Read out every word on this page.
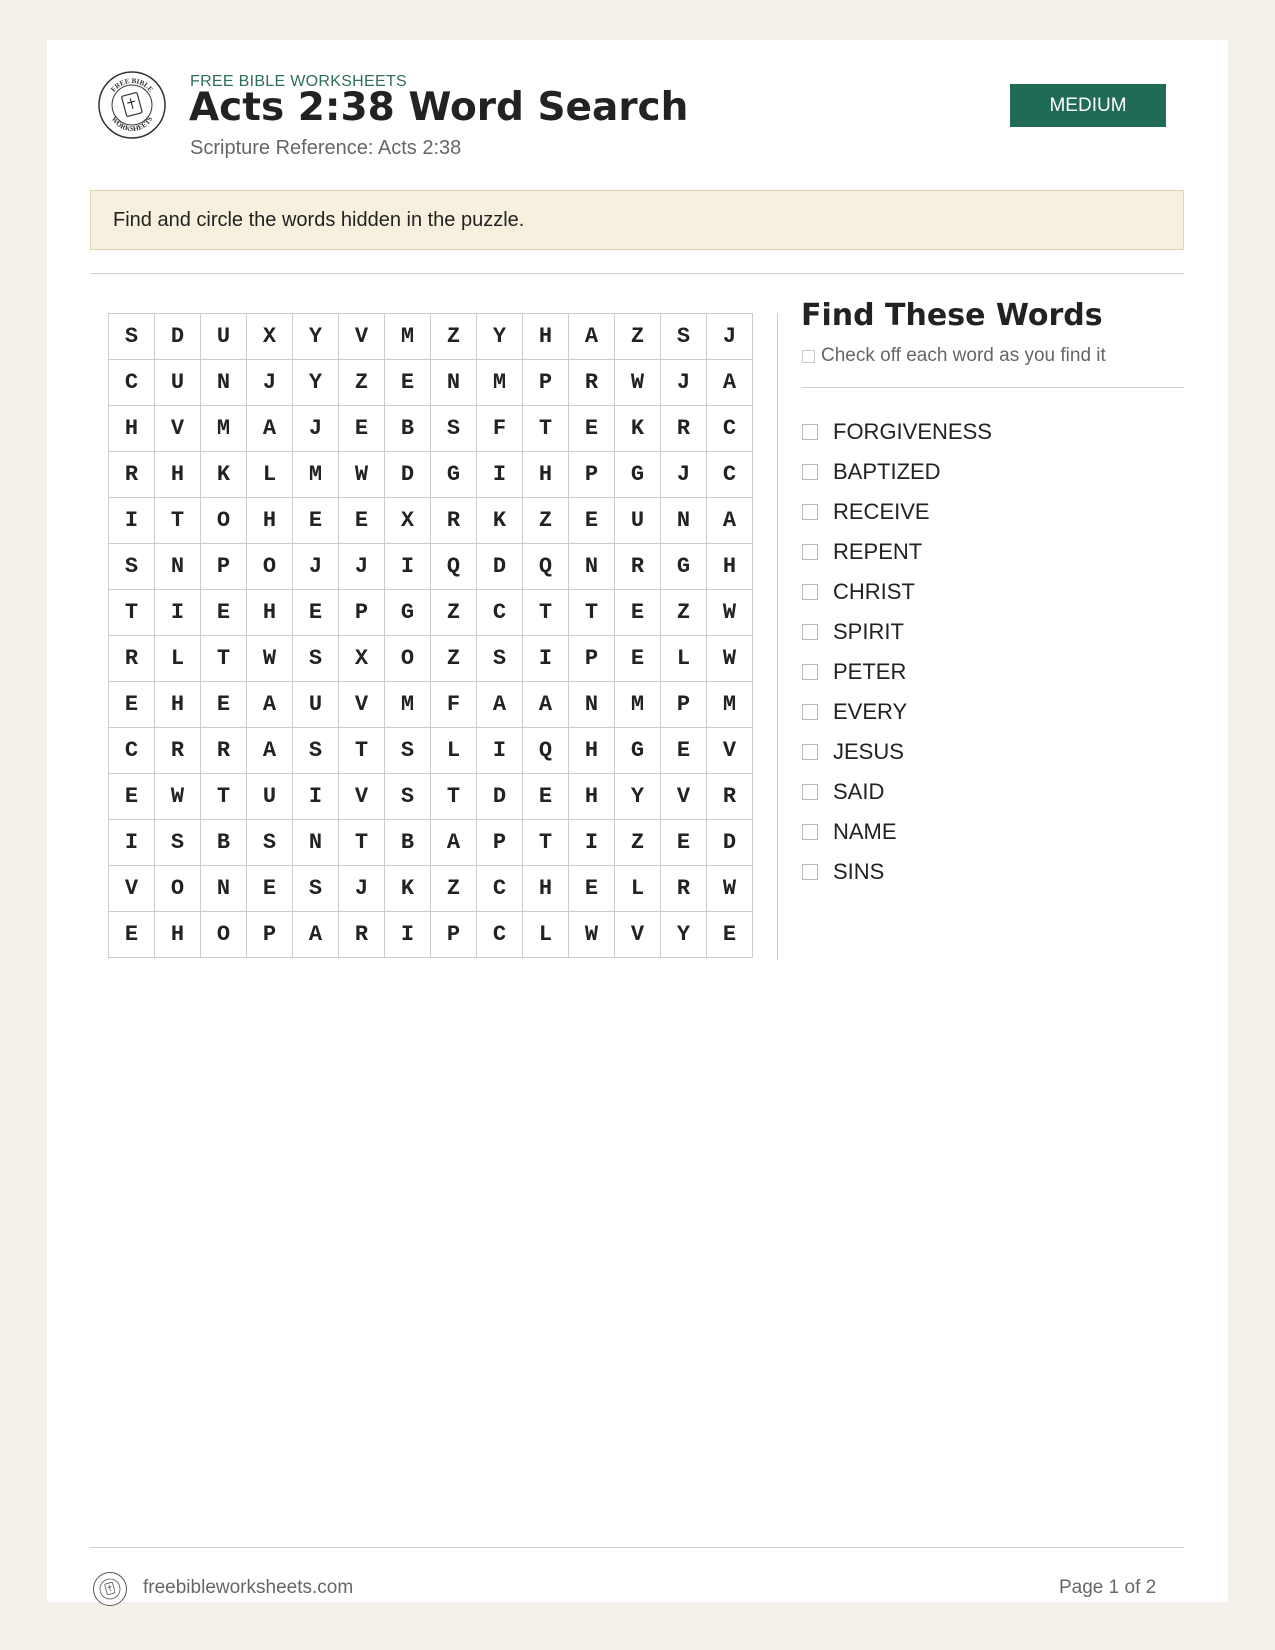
FREE BIBLE
WORKSHEETS
FREE BIBLE WORKSHEETS
Acts 2:38 Word Search
Scripture Reference: Acts 2:38
MEDIUM
Find and circle the words hidden in the puzzle.
S	D	U	X	Y	V	M	Z	Y	H	A	Z	S	J
C	U	N	J	Y	Z	E	N	M	P	R	W	J	A
H	V	M	A	J	E	B	S	F	T	E	K	R	C
R	H	K	L	M	W	D	G	I	H	P	G	J	C
I	T	O	H	E	E	X	R	K	Z	E	U	N	A
S	N	P	O	J	J	I	Q	D	Q	N	R	G	H
T	I	E	H	E	P	G	Z	C	T	T	E	Z	W
R	L	T	W	S	X	O	Z	S	I	P	E	L	W
E	H	E	A	U	V	M	F	A	A	N	M	P	M
C	R	R	A	S	T	S	L	I	Q	H	G	E	V
E	W	T	U	I	V	S	T	D	E	H	Y	V	R
I	S	B	S	N	T	B	A	P	T	I	Z	E	D
V	O	N	E	S	J	K	Z	C	H	E	L	R	W
E	H	O	P	A	R	I	P	C	L	W	V	Y	E
Find These Words
Check off each word as you find it
FORGIVENESS
BAPTIZED
RECEIVE
REPENT
CHRIST
SPIRIT
PETER
EVERY
JESUS
SAID
NAME
SINS
freebibleworksheets.com	Page 1 of 2
